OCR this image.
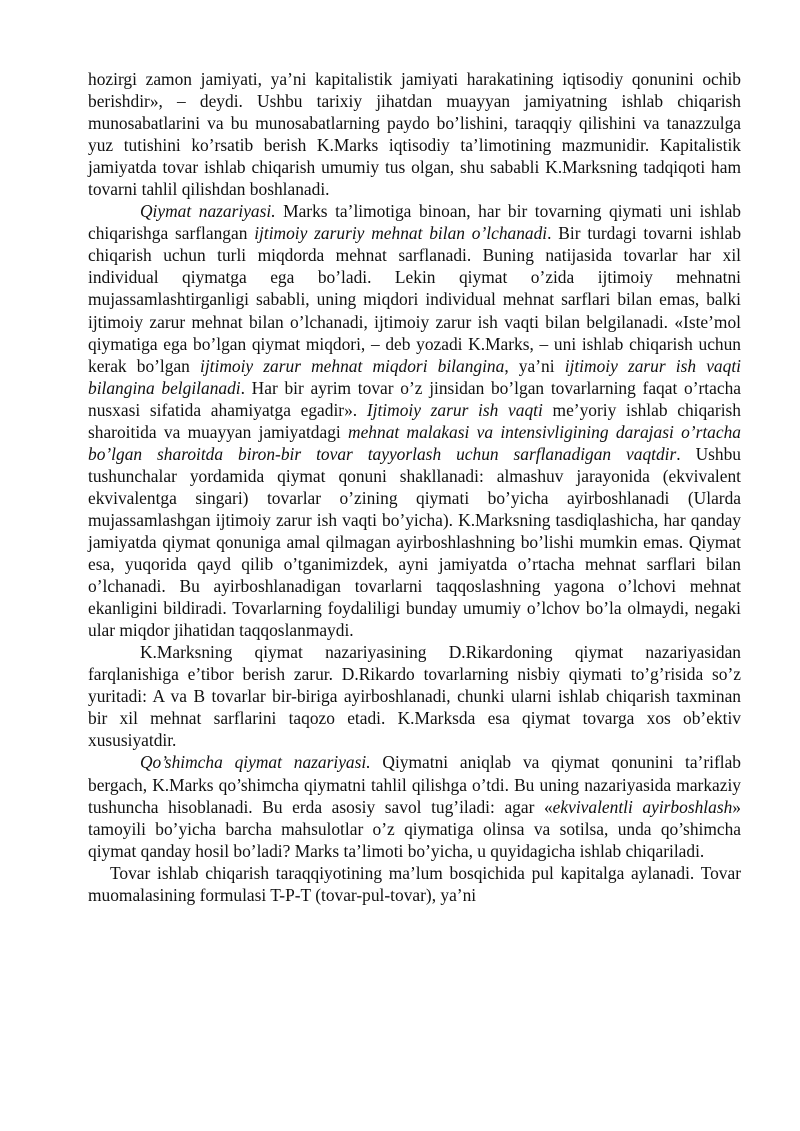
hozirgi zamon jamiyati, ya’ni kapitalistik jamiyati harakatining iqtisodiy qonunini ochib berishdir», – deydi. Ushbu tarixiy jihatdan muayyan jamiyatning ishlab chiqarish munosabatlarini va bu munosabatlarning paydo bo’lishini, taraqqiy qilishini va tanazzulga yuz tutishini ko’rsatib berish K.Marks iqtisodiy ta’limotining mazmunidir. Kapitalistik jamiyatda tovar ishlab chiqarish umumiy tus olgan, shu sababli K.Marksning tadqiqoti ham tovarni tahlil qilishdan boshlanadi.

Qiymat nazariyasi. Marks ta’limotiga binoan, har bir tovarning qiymati uni ishlab chiqarishga sarflangan ijtimoiy zaruriy mehnat bilan o’lchanadi. Bir turdagi tovarni ishlab chiqarish uchun turli miqdorda mehnat sarflanadi. Buning natijasida tovarlar har xil individual qiymatga ega bo’ladi. Lekin qiymat o’zida ijtimoiy mehnatni mujassamlashtirganligi sababli, uning miqdori individual mehnat sarflari bilan emas, balki ijtimoiy zarur mehnat bilan o’lchanadi, ijtimoiy zarur ish vaqti bilan belgilanadi. «Iste’mol qiymatiga ega bo’lgan qiymat miqdori, – deb yozadi K.Marks, – uni ishlab chiqarish uchun kerak bo’lgan ijtimoiy zarur mehnat miqdori bilangina, ya’ni ijtimoiy zarur ish vaqti bilangina belgilanadi. Har bir ayrim tovar o’z jinsidan bo’lgan tovarlarning faqat o’rtacha nusxasi sifatida ahamiyatga egadir». Ijtimoiy zarur ish vaqti me’yoriy ishlab chiqarish sharoitida va muayyan jamiyatdagi mehnat malakasi va intensivligining darajasi o’rtacha bo’lgan sharoitda biron-bir tovar tayyorlash uchun sarflanadigan vaqtdir. Ushbu tushunchalar yordamida qiymat qonuni shakllanadi: almashuv jarayonida (ekvivalent ekvivalentga singari) tovarlar o’zining qiymati bo’yicha ayirboshlanadi (Ularda mujassamlashgan ijtimoiy zarur ish vaqti bo’yicha). K.Marksning tasdiqlashicha, har qanday jamiyatda qiymat qonuniga amal qilmagan ayirboshlashning bo’lishi mumkin emas. Qiymat esa, yuqorida qayd qilib o’tganimizdek, ayni jamiyatda o’rtacha mehnat sarflari bilan o’lchanadi. Bu ayirboshlanadigan tovarlarni taqqoslashning yagona o’lchovi mehnat ekanligini bildiradi. Tovarlarning foydaliligi bunday umumiy o’lchov bo’la olmaydi, negaki ular miqdor jihatidan taqqoslanmaydi.

K.Marksning qiymat nazariyasining D.Rikardoning qiymat nazariyasidan farqlanishiga e’tibor berish zarur. D.Rikardo tovarlarning nisbiy qiymati to’g’risida so’z yuritadi: A va B tovarlar bir-biriga ayirboshlanadi, chunki ularni ishlab chiqarish taxminan bir xil mehnat sarflarini taqozo etadi. K.Marksda esa qiymat tovarga xos ob’ektiv xususiyatdir.

Qo’shimcha qiymat nazariyasi. Qiymatni aniqlab va qiymat qonunini ta’riflab bergach, K.Marks qo’shimcha qiymatni tahlil qilishga o’tdi. Bu uning nazariyasida markaziy tushuncha hisoblanadi. Bu erda asosiy savol tug’iladi: agar «ekvivalentli ayirboshlash» tamoyili bo’yicha barcha mahsulotlar o’z qiymatiga olinsa va sotilsa, unda qo’shimcha qiymat qanday hosil bo’ladi? Marks ta’limoti bo’yicha, u quyidagicha ishlab chiqariladi.

Tovar ishlab chiqarish taraqqiyotining ma’lum bosqichida pul kapitalga aylanadi. Tovar muomalasining formulasi T-P-T (tovar-pul-tovar), ya’ni
